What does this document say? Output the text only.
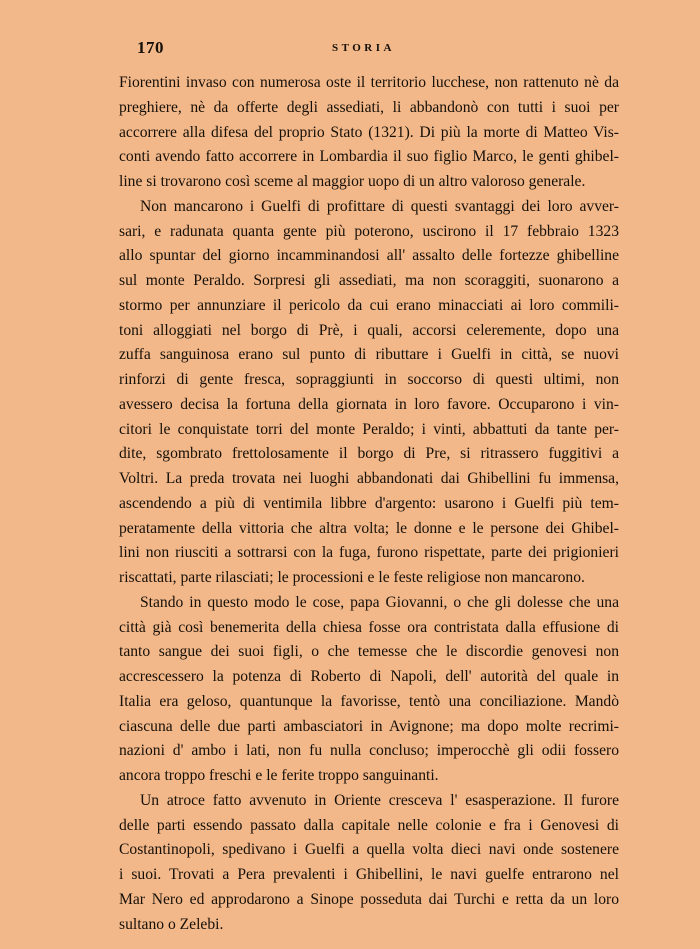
170	STORIA
Fiorentini invaso con numerosa oste il territorio lucchese, non rattenuto nè da
preghiere, nè da offerte degli assediati, li abbandonò con tutti i suoi per
accorrere alla difesa del proprio Stato (1321). Di più la morte di Matteo Vis-
conti avendo fatto accorrere in Lombardia il suo figlio Marco, le genti ghibel-
line si trovarono così sceme al maggior uopo di un altro valoroso generale.
Non mancarono i Guelfi di profittare di questi svantaggi dei loro avver-
sari, e radunata quanta gente più poterono, uscirono il 17 febbraio 1323
allo spuntar del giorno incamminandosi all' assalto delle fortezze ghibelline
sul monte Peraldo. Sorpresi gli assediati, ma non scoraggiti, suonarono a
stormo per annunziare il pericolo da cui erano minacciati ai loro commili-
toni alloggiati nel borgo di Prè, i quali, accorsi celeremente, dopo una
zuffa sanguinosa erano sul punto di ributtare i Guelfi in città, se nuovi
rinforzi di gente fresca, sopraggiunti in soccorso di questi ultimi, non
avessero decisa la fortuna della giornata in loro favore. Occuparono i vin-
citori le conquistate torri del monte Peraldo; i vinti, abbattuti da tante per-
dite, sgombrato frettolosamente il borgo di Pre, si ritrassero fuggitivi a
Voltri. La preda trovata nei luoghi abbandonati dai Ghibellini fu immensa,
ascendendo a più di ventimila libbre d'argento: usarono i Guelfi più tem-
peratamente della vittoria che altra volta; le donne e le persone dei Ghibel-
lini non riusciti a sottrarsi con la fuga, furono rispettate, parte dei prigionieri
riscattati, parte rilasciati; le processioni e le feste religiose non mancarono.
Stando in questo modo le cose, papa Giovanni, o che gli dolesse che una
città già così benemerita della chiesa fosse ora contristata dalla effusione di
tanto sangue dei suoi figli, o che temesse che le discordie genovesi non
accrescessero la potenza di Roberto di Napoli, dell' autorità del quale in
Italia era geloso, quantunque la favorisse, tentò una conciliazione. Mandò
ciascuna delle due parti ambasciatori in Avignone; ma dopo molte recrimi-
nazioni d' ambo i lati, non fu nulla concluso; imperocchè gli odii fossero
ancora troppo freschi e le ferite troppo sanguinanti.
Un atroce fatto avvenuto in Oriente cresceva l' esasperazione. Il furore
delle parti essendo passato dalla capitale nelle colonie e fra i Genovesi di
Costantinopoli, spedivano i Guelfi a quella volta dieci navi onde sostenere
i suoi. Trovati a Pera prevalenti i Ghibellini, le navi guelfe entrarono nel
Mar Nero ed approdarono a Sinope posseduta dai Turchi e retta da un loro
sultano o Zelebi.
